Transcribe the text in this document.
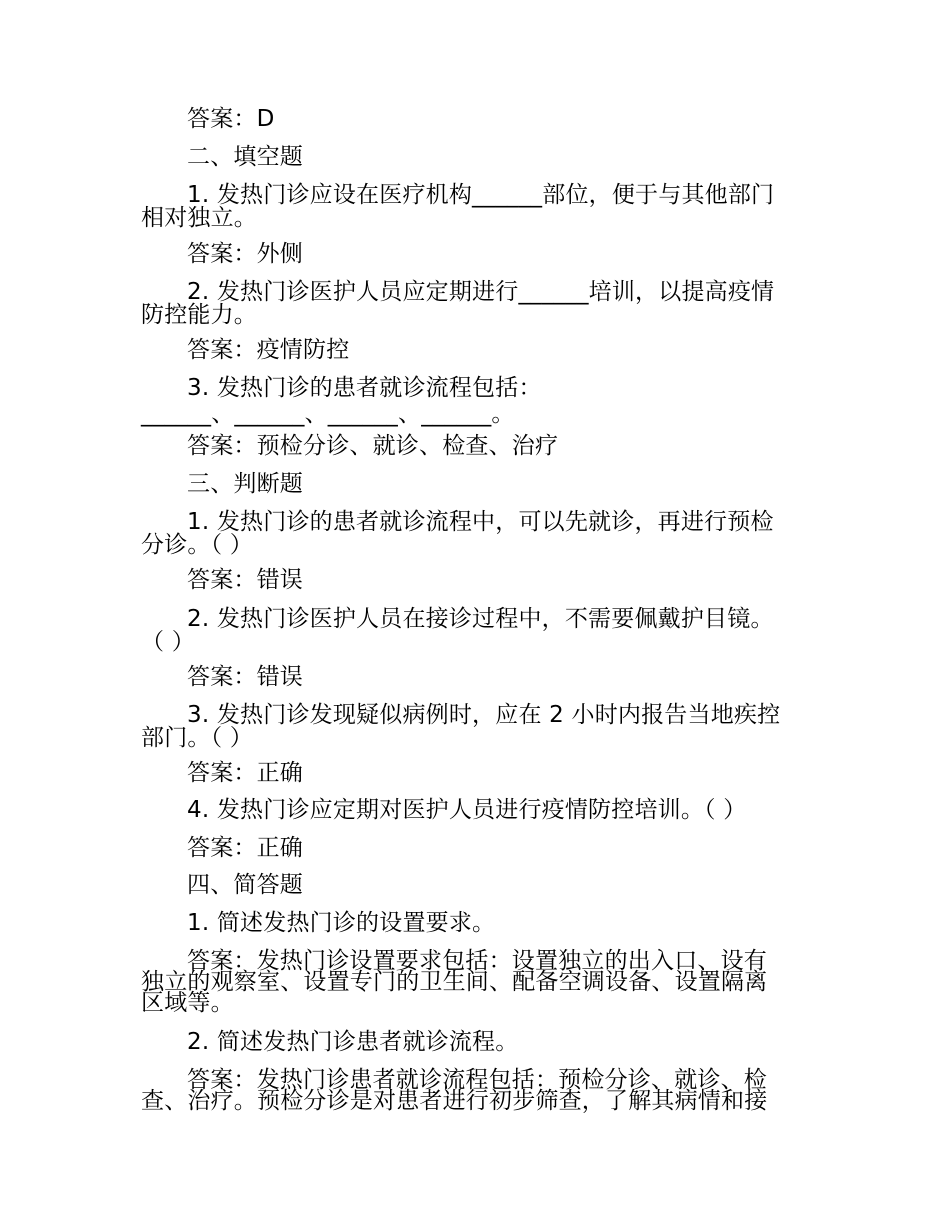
答案：D
二、填空题
1. 发热门诊应设在医疗机构______部位，便于与其他部门
相对独立。
答案：外侧
2. 发热门诊医护人员应定期进行______培训，以提高疫情
防控能力。
答案：疫情防控
3. 发热门诊的患者就诊流程包括：
______、______、______、______。
答案：预检分诊、就诊、检查、治疗
三、判断题
1. 发热门诊的患者就诊流程中，可以先就诊，再进行预检
分诊。（ ）
答案：错误
2. 发热门诊医护人员在接诊过程中，不需要佩戴护目镜。
（ ）
答案：错误
3. 发热门诊发现疑似病例时，应在 2 小时内报告当地疾控
部门。（ ）
答案：正确
4. 发热门诊应定期对医护人员进行疫情防控培训。（ ）
答案：正确
四、简答题
1. 简述发热门诊的设置要求。
答案：发热门诊设置要求包括：设置独立的出入口、设有
独立的观察室、设置专门的卫生间、配备空调设备、设置隔离
区域等。
2. 简述发热门诊患者就诊流程。
答案：发热门诊患者就诊流程包括：预检分诊、就诊、检
查、治疗。预检分诊是对患者进行初步筛查，了解其病情和接
